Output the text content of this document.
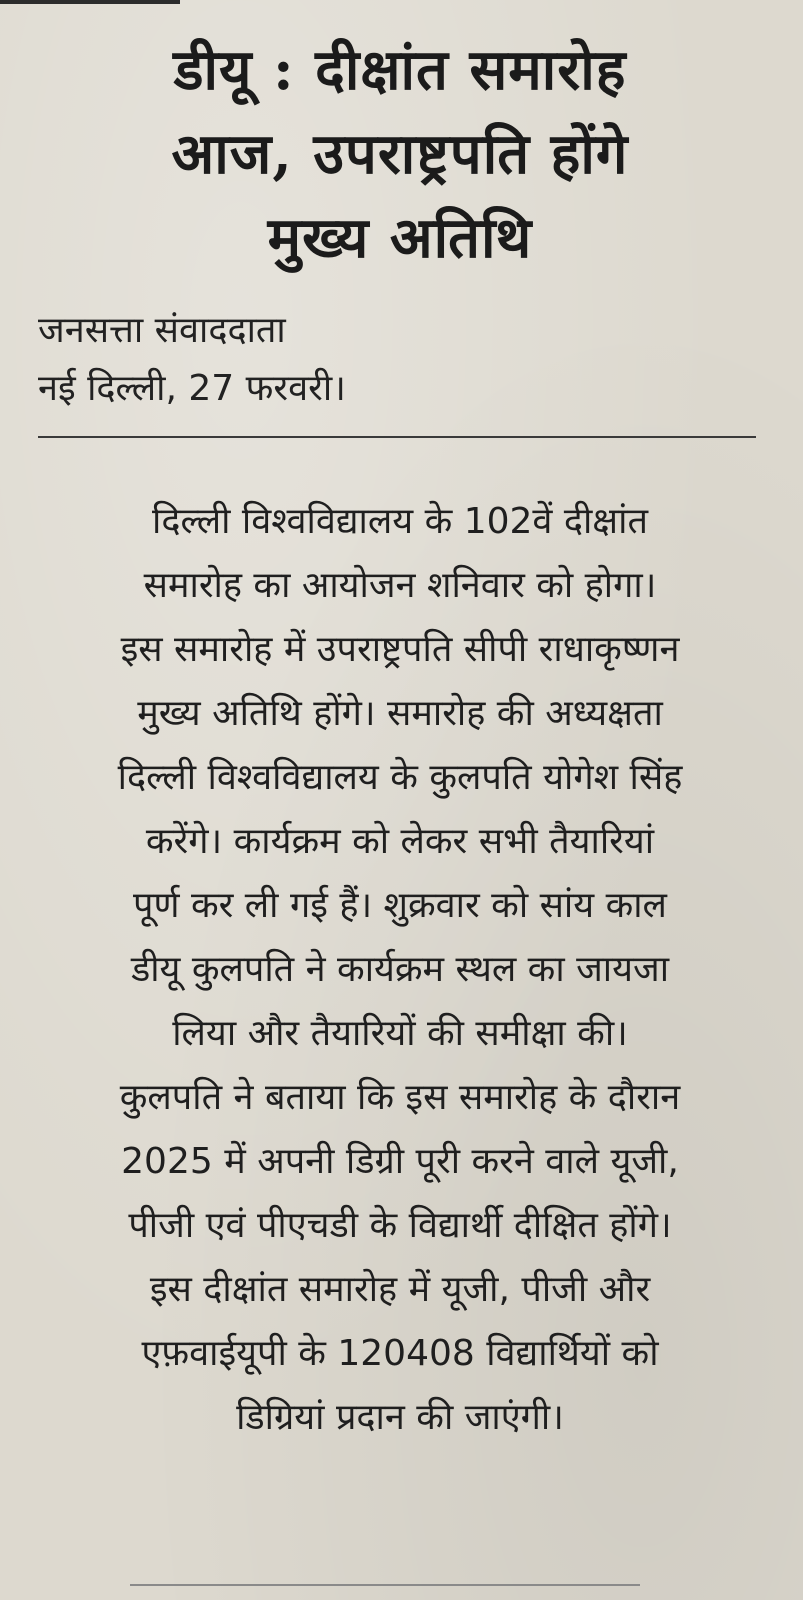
डीयू : दीक्षांत समारोह
आज, उपराष्ट्रपति होंगे
मुख्य अतिथि
जनसत्ता संवाददाता
नई दिल्ली, 27 फरवरी।
दिल्ली विश्वविद्यालय के 102वें दीक्षांत
समारोह का आयोजन शनिवार को होगा।
इस समारोह में उपराष्ट्रपति सीपी राधाकृष्णन
मुख्य अतिथि होंगे। समारोह की अध्यक्षता
दिल्ली विश्वविद्यालय के कुलपति योगेश सिंह
करेंगे। कार्यक्रम को लेकर सभी तैयारियां
पूर्ण कर ली गई हैं। शुक्रवार को सांय काल
डीयू कुलपति ने कार्यक्रम स्थल का जायजा
लिया और तैयारियों की समीक्षा की।
कुलपति ने बताया कि इस समारोह के दौरान
2025 में अपनी डिग्री पूरी करने वाले यूजी,
पीजी एवं पीएचडी के विद्यार्थी दीक्षित होंगे।
इस दीक्षांत समारोह में यूजी, पीजी और
एफ़वाईयूपी के 120408 विद्यार्थियों को
डिग्रियां प्रदान की जाएंगी।
